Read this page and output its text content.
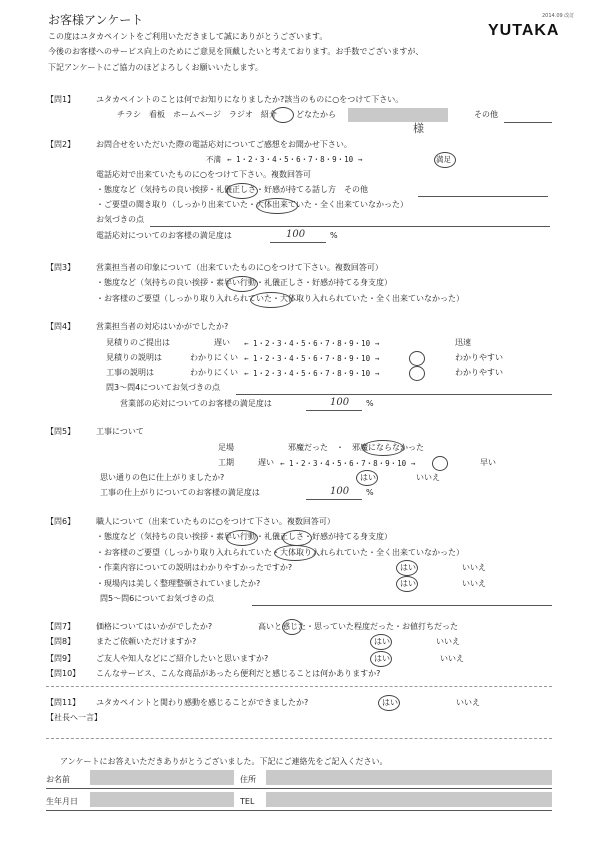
2014.09 改訂
YUTAKA
お客様アンケート
この度はユタカペイントをご利用いただきまして誠にありがとうございます。
今後のお客様へのサービス向上のためにご意見を頂戴したいと考えております。お手数でございますが、
下記アンケートにご協力のほどよろしくお願いいたします。
【問1】	ユタカペイントのことは何でお知りになりましたか?該当のものに○をつけて下さい。
チラシ　看板　ホームページ　ラジオ　紹介 どなたから
様
その他
【問2】	お問合せをいただいた際の電話応対についてご感想をお聞かせ下さい。
不満 ← 1・2・3・4・5・6・7・8・9・10 →	満足
電話応対で出来ていたものに○をつけて下さい。複数回答可
・態度など（気持ちの良い挨拶・礼儀正しさ・好感が持てる話し方　その他
・ご要望の聞き取り（しっかり出来ていた・大体出来ていた・全く出来ていなかった）
お気づきの点
電話応対についてのお客様の満足度は	100	%
【問3】	営業担当者の印象について（出来ていたものに○をつけて下さい。複数回答可）
・態度など（気持ちの良い挨拶・素早い行動・礼儀正しさ・好感が持てる身支度）
・お客様のご要望（しっかり取り入れられていた・大体取り入れられていた・全く出来ていなかった）
【問4】	営業担当者の対応はいかがでしたか?
見積りのご提出は	遅い ← 1・2・3・4・5・6・7・8・9・10 →	迅速
見積りの説明は	わかりにくい ← 1・2・3・4・5・6・7・8・9・10 →	わかりやすい
工事の説明は	わかりにくい ← 1・2・3・4・5・6・7・8・9・10 →	わかりやすい
問3〜問4についてお気づきの点
営業部の応対についてのお客様の満足度は	100 %
【問5】	工事について
足場	邪魔だった　・　邪魔にならなかった
工期	遅い ← 1・2・3・4・5・6・7・8・9・10 →	早い
思い通りの色に仕上がりましたか?	はい	いいえ
工事の仕上がりについてのお客様の満足度は	100 %
【問6】	職人について（出来ていたものに○をつけて下さい。複数回答可）
・態度など（気持ちの良い挨拶・素早い行動・礼儀正しさ・好感が持てる身支度）
・お客様のご要望（しっかり取り入れられていた・大体取り入れられていた・全く出来ていなかった）
・作業内容についての説明はわかりやすかったですか?	はい	いいえ
・現場内は美しく整理整頓されていましたか?	はい	いいえ
問5〜問6についてお気づきの点
【問7】	価格についてはいかがでしたか?	高いと感じた・思っていた程度だった・お値打ちだった
【問8】	またご依頼いただけますか?	はい	いいえ
【問9】	ご友人や知人などにご紹介したいと思いますか?	はい	いいえ
【問10】 こんなサービス、こんな商品があったら便利だと感じることは何かありますか?
【問11】 ユタカペイントと関わり感動を感じることができましたか?	はい	いいえ
【社長へ一言】
アンケートにお答えいただきありがとうございました。下記にご連絡先をご記入ください。
お名前	住所
生年月日	TEL
